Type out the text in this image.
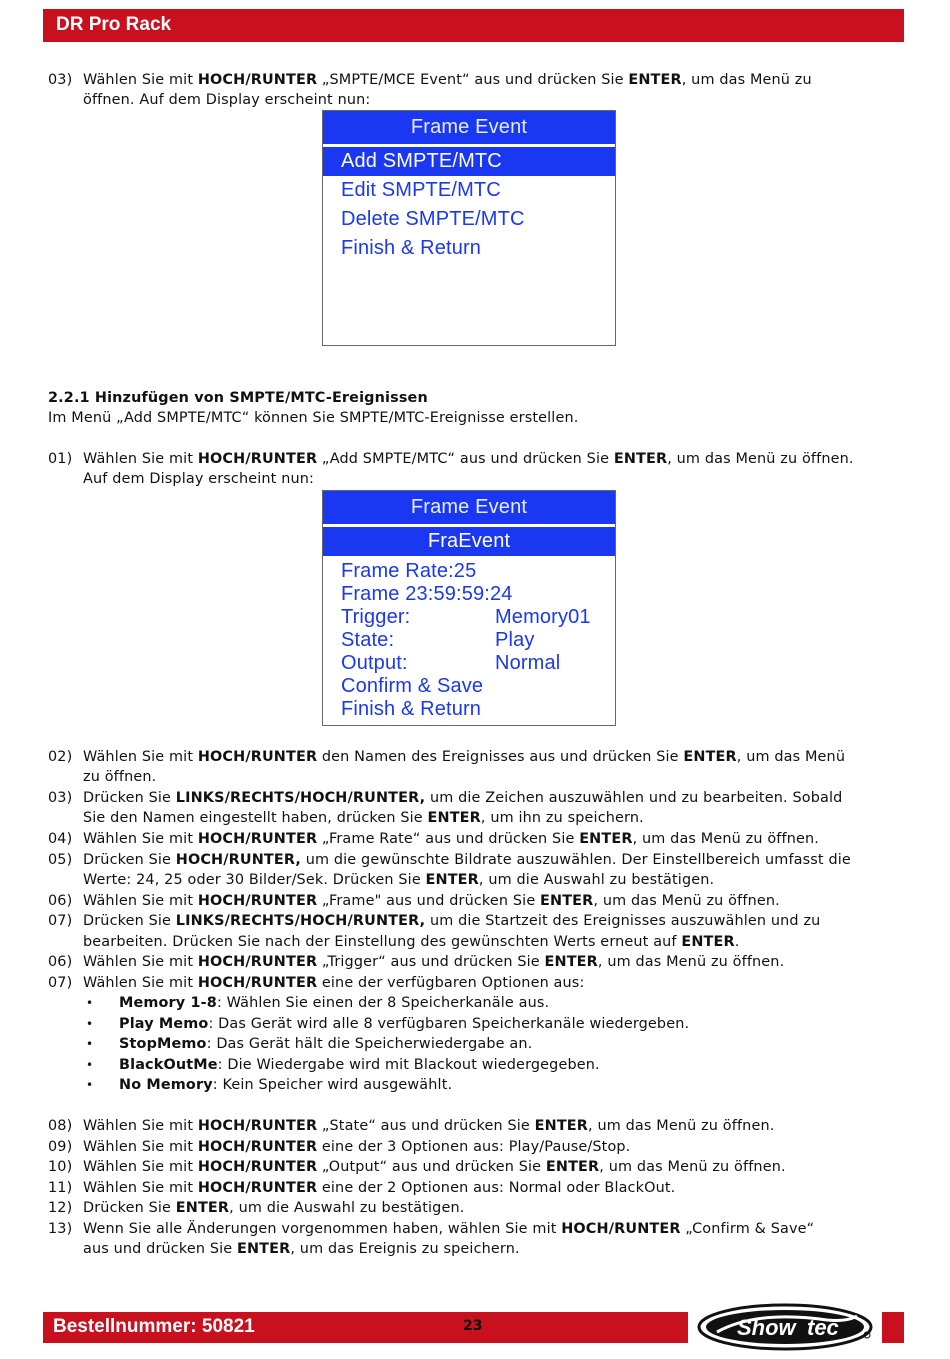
DR Pro Rack
03) Wählen Sie mit HOCH/RUNTER „SMPTE/MCE Event“ aus und drücken Sie ENTER, um das Menü zu
öffnen. Auf dem Display erscheint nun:
Frame Event
Add SMPTE/MTC
Edit SMPTE/MTC
Delete SMPTE/MTC
Finish & Return
2.2.1 Hinzufügen von SMPTE/MTC-Ereignissen
Im Menü „Add SMPTE/MTC“ können Sie SMPTE/MTC-Ereignisse erstellen.
01) Wählen Sie mit HOCH/RUNTER „Add SMPTE/MTC“ aus und drücken Sie ENTER, um das Menü zu öffnen.
Auf dem Display erscheint nun:
Frame Event
FraEvent
Frame Rate:25
Frame 23:59:59:24
Trigger:	Memory01
State:	Play
Output:	Normal
Confirm & Save
Finish & Return
02) Wählen Sie mit HOCH/RUNTER den Namen des Ereignisses aus und drücken Sie ENTER, um das Menü
zu öffnen.
03) Drücken Sie LINKS/RECHTS/HOCH/RUNTER, um die Zeichen auszuwählen und zu bearbeiten. Sobald
Sie den Namen eingestellt haben, drücken Sie ENTER, um ihn zu speichern.
04) Wählen Sie mit HOCH/RUNTER „Frame Rate“ aus und drücken Sie ENTER, um das Menü zu öffnen.
05) Drücken Sie HOCH/RUNTER, um die gewünschte Bildrate auszuwählen. Der Einstellbereich umfasst die
Werte: 24, 25 oder 30 Bilder/Sek. Drücken Sie ENTER, um die Auswahl zu bestätigen.
06) Wählen Sie mit HOCH/RUNTER „Frame" aus und drücken Sie ENTER, um das Menü zu öffnen.
07) Drücken Sie LINKS/RECHTS/HOCH/RUNTER, um die Startzeit des Ereignisses auszuwählen und zu
bearbeiten. Drücken Sie nach der Einstellung des gewünschten Werts erneut auf ENTER.
06) Wählen Sie mit HOCH/RUNTER „Trigger“ aus und drücken Sie ENTER, um das Menü zu öffnen.
07) Wählen Sie mit HOCH/RUNTER eine der verfügbaren Optionen aus:
• Memory 1-8: Wählen Sie einen der 8 Speicherkanäle aus.
• Play Memo: Das Gerät wird alle 8 verfügbaren Speicherkanäle wiedergeben.
• StopMemo: Das Gerät hält die Speicherwiedergabe an.
• BlackOutMe: Die Wiedergabe wird mit Blackout wiedergegeben.
• No Memory: Kein Speicher wird ausgewählt.
08) Wählen Sie mit HOCH/RUNTER „State“ aus und drücken Sie ENTER, um das Menü zu öffnen.
09) Wählen Sie mit HOCH/RUNTER eine der 3 Optionen aus: Play/Pause/Stop.
10) Wählen Sie mit HOCH/RUNTER „Output“ aus und drücken Sie ENTER, um das Menü zu öffnen.
11) Wählen Sie mit HOCH/RUNTER eine der 2 Optionen aus: Normal oder BlackOut.
12) Drücken Sie ENTER, um die Auswahl zu bestätigen.
13) Wenn Sie alle Änderungen vorgenommen haben, wählen Sie mit HOCH/RUNTER „Confirm & Save“
aus und drücken Sie ENTER, um das Ereignis zu speichern.
Bestellnummer: 50821	23	Show tec
